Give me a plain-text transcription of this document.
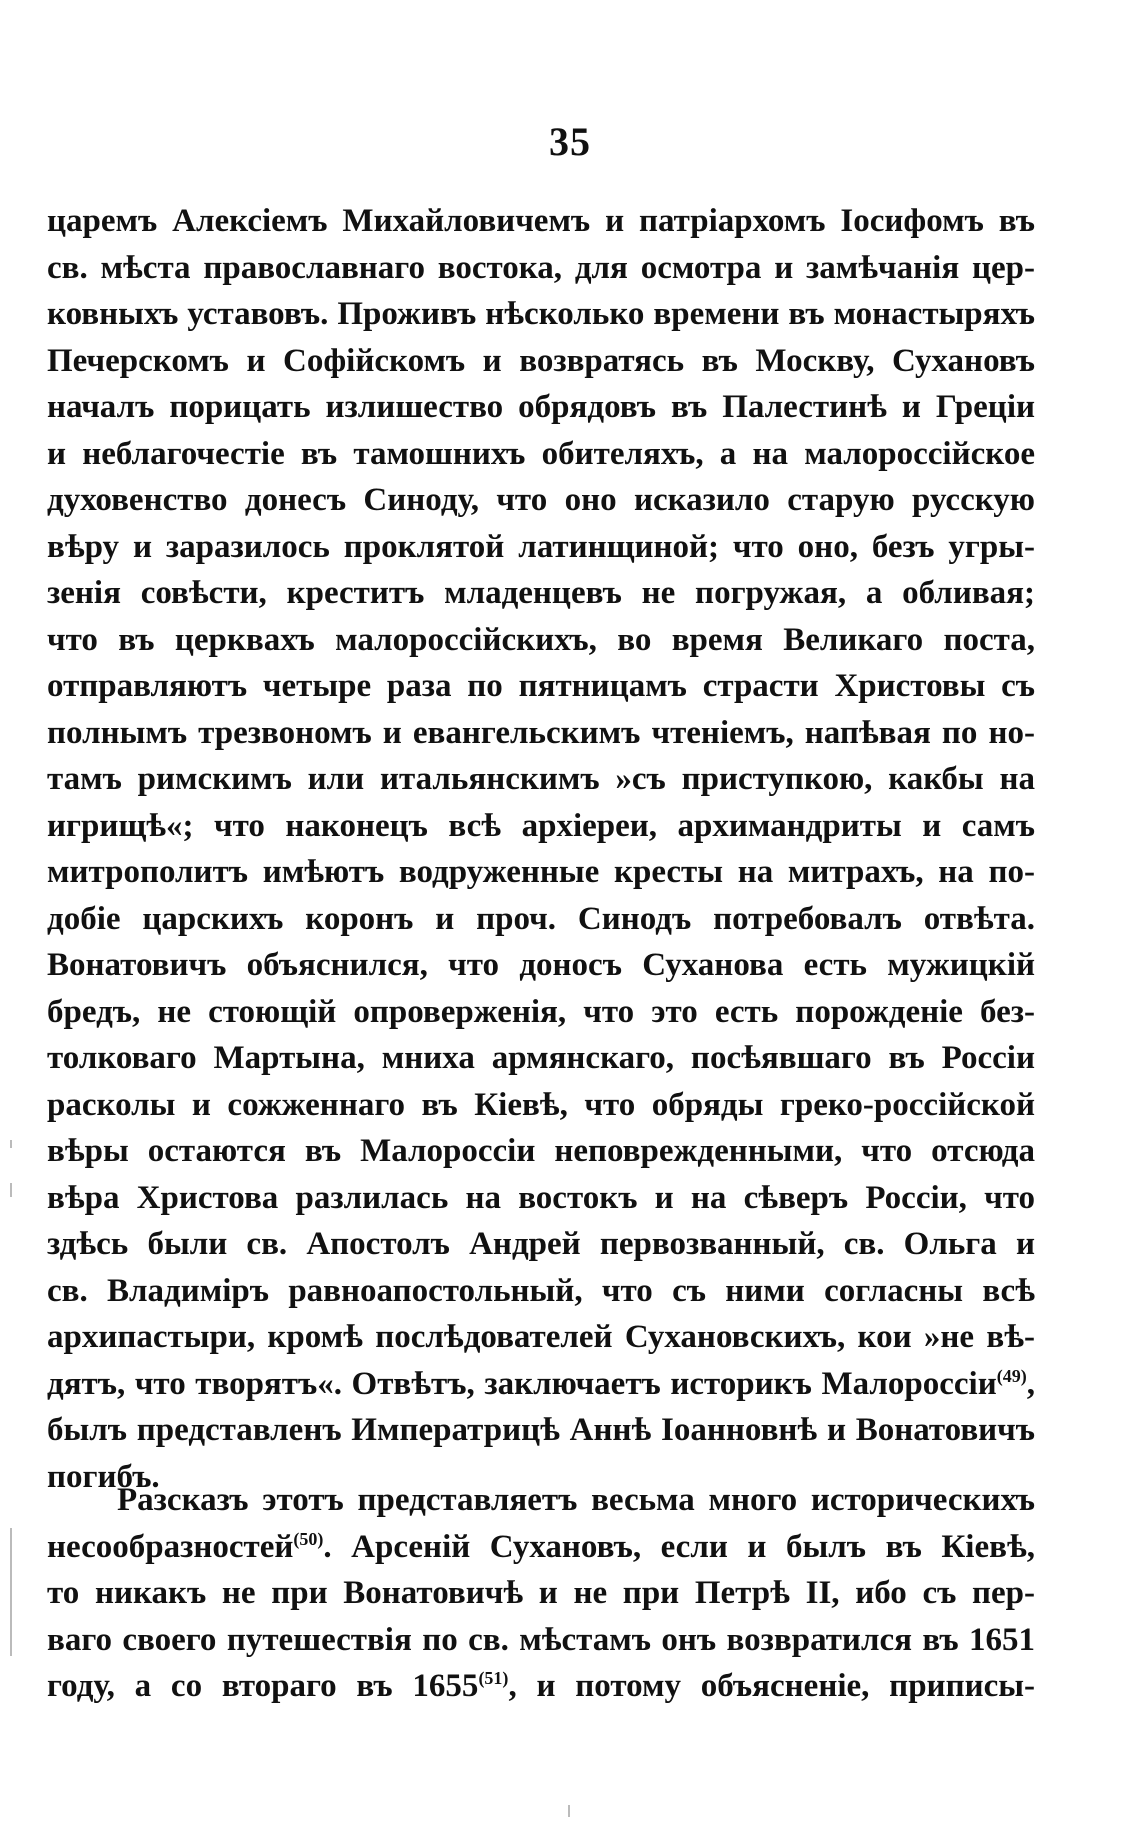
35
царемъ Алексіемъ Михайловичемъ и патріархомъ Іосифомъ въ
св. мѣста православнаго востока, для осмотра и замѣчанія цер-
ковныхъ уставовъ. Проживъ нѣсколько времени въ монастыряхъ
Печерскомъ и Софійскомъ и возвратясь въ Москву, Сухановъ
началъ порицать излишество обрядовъ въ Палестинѣ и Греціи
и неблагочестіе въ тамошнихъ обителяхъ, а на малороссійское
духовенство донесъ Синоду, что оно исказило старую русскую
вѣру и заразилось проклятой латинщиной; что оно, безъ угры-
зенія совѣсти, креститъ младенцевъ не погружая, а обливая;
что въ церквахъ малороссійскихъ, во время Великаго поста,
отправляютъ четыре раза по пятницамъ страсти Христовы съ
полнымъ трезвономъ и евангельскимъ чтеніемъ, напѣвая по но-
тамъ римскимъ или итальянскимъ »съ приступкою, какбы на
игрищѣ«; что наконецъ всѣ архіереи, архимандриты и самъ
митрополитъ имѣютъ водруженные кресты на митрахъ, на по-
добіе царскихъ коронъ и проч. Синодъ потребовалъ отвѣта.
Вонатовичъ объяснился, что доносъ Суханова есть мужицкій
бредъ, не стоющій опроверженія, что это есть порожденіе без-
толковаго Мартына, мниха армянскаго, посѣявшаго въ Россіи
расколы и сожженнаго въ Кіевѣ, что обряды греко-россійской
вѣры остаются въ Малороссіи неповрежденными, что отсюда
вѣра Христова разлилась на востокъ и на сѣверъ Россіи, что
здѣсь были св. Апостолъ Андрей первозванный, св. Ольга и
св. Владиміръ равноапостольный, что съ ними согласны всѣ
архипастыри, кромѣ послѣдователей Сухановскихъ, кои »не вѣ-
дятъ, что творятъ«. Отвѣтъ, заключаетъ историкъ Малороссіи$^{(49)}$,
былъ представленъ Императрицѣ Аннѣ Іоанновнѣ и Вонатовичъ
погибъ.
Разсказъ этотъ представляетъ весьма много историческихъ
несообразностей$^{(50)}$. Арсеній Сухановъ, если и былъ въ Кіевѣ,
то никакъ не при Вонатовичѣ и не при Петрѣ II, ибо съ пер-
ваго своего путешествія по св. мѣстамъ онъ возвратился въ 1651
году, а со втораго въ 1655$^{(51)}$, и потому объясненіе, приписы-
